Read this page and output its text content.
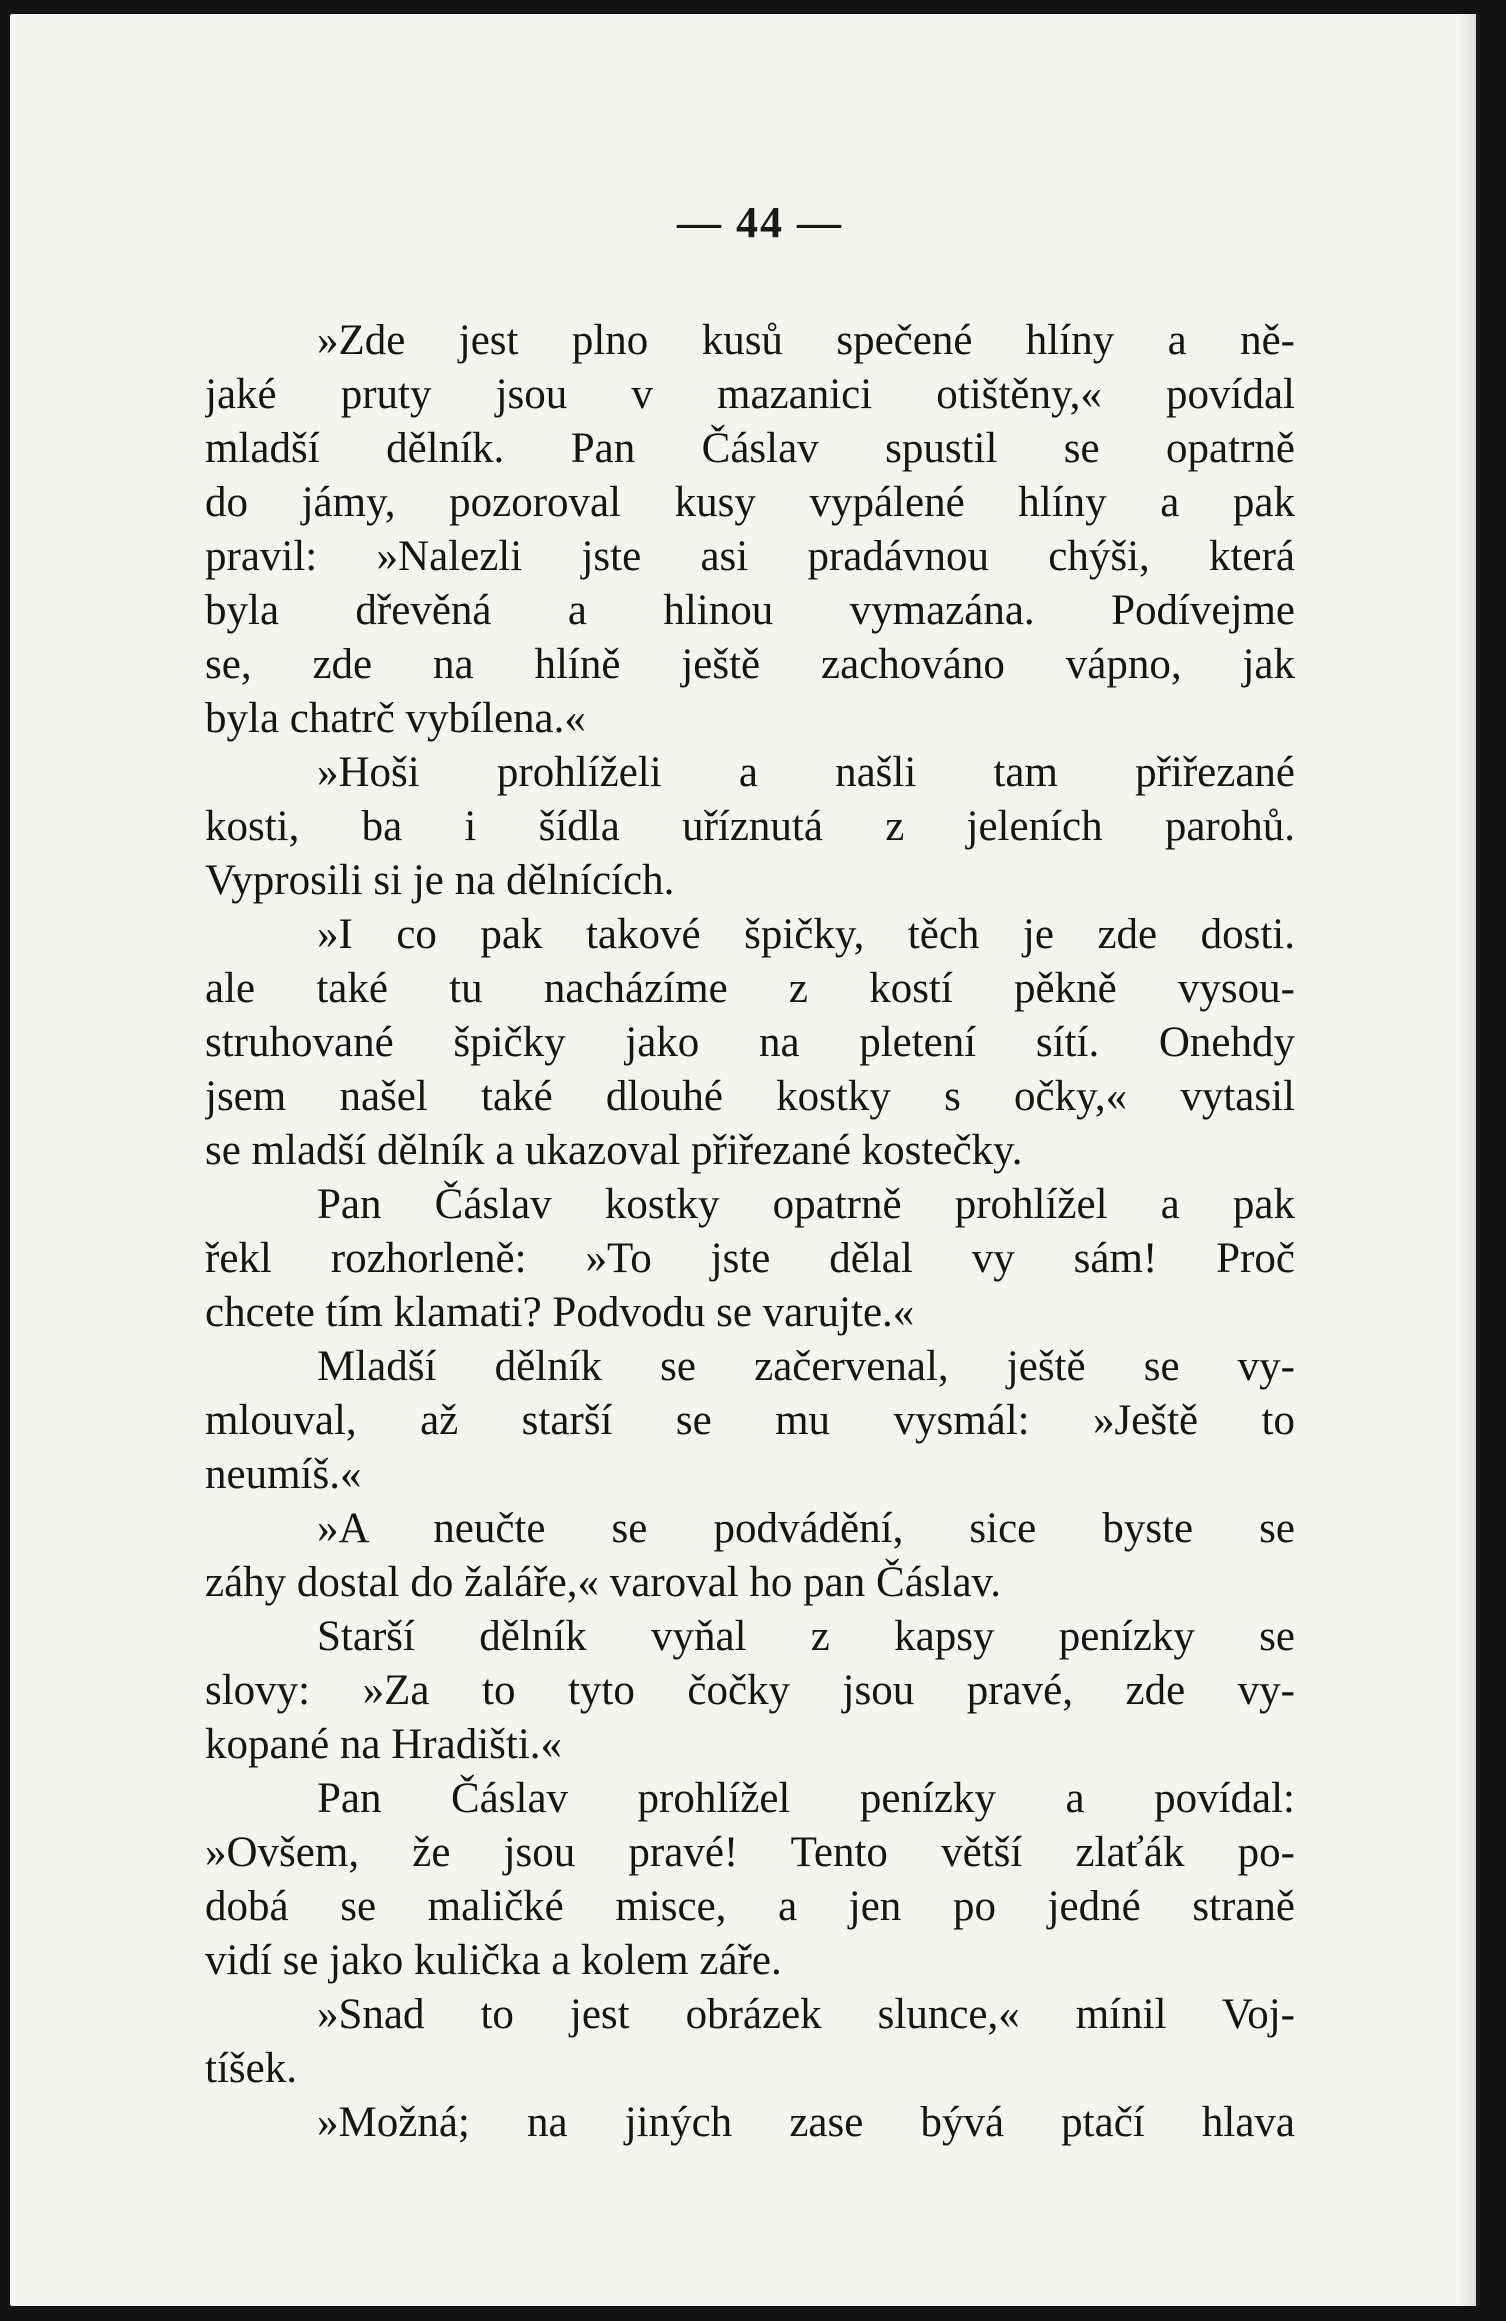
— 44 —
»Zde jest plno kusů spečené hlíny a ně-
jaké pruty jsou v mazanici otištěny,« povídal
mladší dělník. Pan Čáslav spustil se opatrně
do jámy, pozoroval kusy vypálené hlíny a pak
pravil: »Nalezli jste asi pradávnou chýši, která
byla dřevěná a hlinou vymazána. Podívejme
se, zde na hlíně ještě zachováno vápno, jak
byla chatrč vybílena.«
»Hoši prohlíželi a našli tam přiřezané
kosti, ba i šídla uříznutá z jeleních parohů.
Vyprosili si je na dělnících.
»I co pak takové špičky, těch je zde dosti.
ale také tu nacházíme z kostí pěkně vysou-
struhované špičky jako na pletení sítí. Onehdy
jsem našel také dlouhé kostky s očky,« vytasil
se mladší dělník a ukazoval přiřezané kostečky.
Pan Čáslav kostky opatrně prohlížel a pak
řekl rozhorleně: »To jste dělal vy sám! Proč
chcete tím klamati? Podvodu se varujte.«
Mladší dělník se začervenal, ještě se vy-
mlouval, až starší se mu vysmál: »Ještě to
neumíš.«
»A neučte se podvádění, sice byste se
záhy dostal do žaláře,« varoval ho pan Čáslav.
Starší dělník vyňal z kapsy penízky se
slovy: »Za to tyto čočky jsou pravé, zde vy-
kopané na Hradišti.«
Pan Čáslav prohlížel penízky a povídal:
»Ovšem, že jsou pravé! Tento větší zlaťák po-
dobá se maličké misce, a jen po jedné straně
vidí se jako kulička a kolem záře.
»Snad to jest obrázek slunce,« mínil Voj-
tíšek.
»Možná; na jiných zase bývá ptačí hlava
